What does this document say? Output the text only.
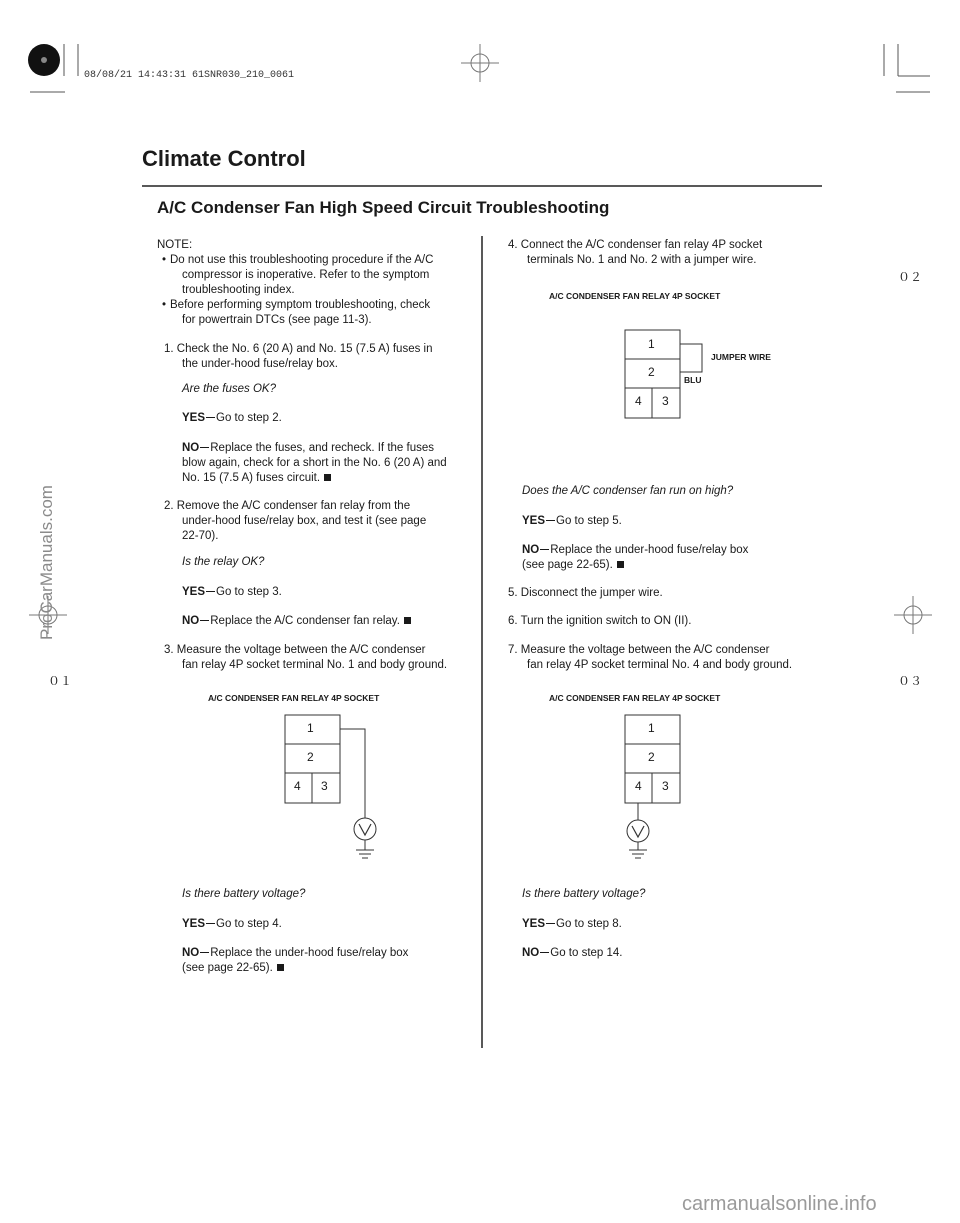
08/08/21 14:43:31 61SNR030_210_0061
Climate Control
A/C Condenser Fan High Speed Circuit Troubleshooting
０２
０１	０３
ProCarManuals.com
NOTE:
• Do not use this troubleshooting procedure if the A/C
compressor is inoperative. Refer to the symptom
troubleshooting index.
• Before performing symptom troubleshooting, check
for powertrain DTCs (see page 11-3).
1. Check the No. 6 (20 A) and No. 15 (7.5 A) fuses in
the under-hood fuse/relay box.
Are the fuses OK?
YES Go to step 2.
NO Replace the fuses, and recheck. If the fuses
blow again, check for a short in the No. 6 (20 A) and
No. 15 (7.5 A) fuses circuit.
2. Remove the A/C condenser fan relay from the
under-hood fuse/relay box, and test it (see page
22-70).
Is the relay OK?
YES Go to step 3.
NO Replace the A/C condenser fan relay.
3. Measure the voltage between the A/C condenser
fan relay 4P socket terminal No. 1 and body ground.
A/C CONDENSER FAN RELAY 4P SOCKET
1
2
4 3
Is there battery voltage?
YES Go to step 4.
NO Replace the under-hood fuse/relay box
(see page 22-65).
4. Connect the A/C condenser fan relay 4P socket
terminals No. 1 and No. 2 with a jumper wire.
A/C CONDENSER FAN RELAY 4P SOCKET
1
2
4 3
JUMPER WIRE
BLU
Does the A/C condenser fan run on high?
YES Go to step 5.
NO Replace the under-hood fuse/relay box
(see page 22-65).
5. Disconnect the jumper wire.
6. Turn the ignition switch to ON (II).
7. Measure the voltage between the A/C condenser
fan relay 4P socket terminal No. 4 and body ground.
A/C CONDENSER FAN RELAY 4P SOCKET
1
2
4 3
Is there battery voltage?
YES Go to step 8.
NO Go to step 14.
carmanualsonline.info
